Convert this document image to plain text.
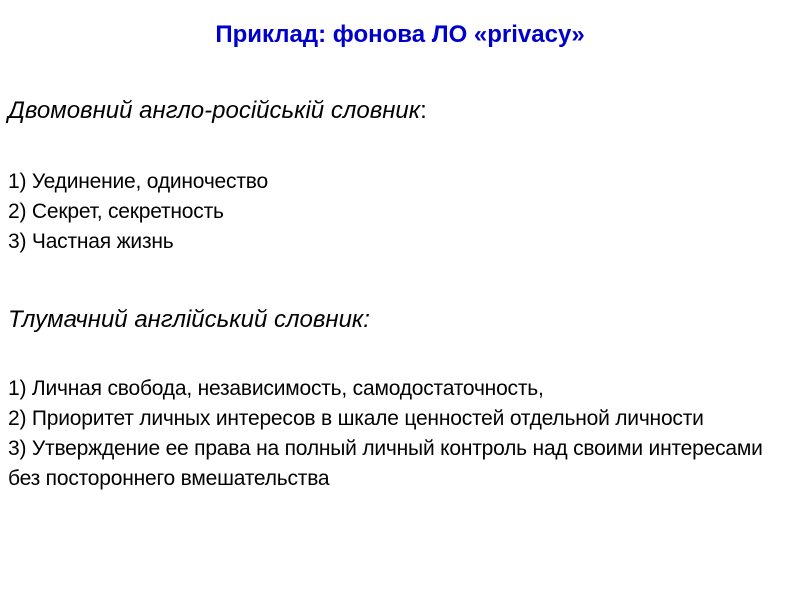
Приклад: фонова ЛО «privacy»
Двомовний англо-російській словник:
1) Уединение, одиночество
2) Секрет, секретность
3) Частная жизнь
Тлумачний англійський словник:
1) Личная свобода, независимость, самодостаточность,
2) Приоритет личных интересов в шкале ценностей отдельной личности
3) Утверждение ее права на полный личный контроль над своими интересами без постороннего вмешательства
